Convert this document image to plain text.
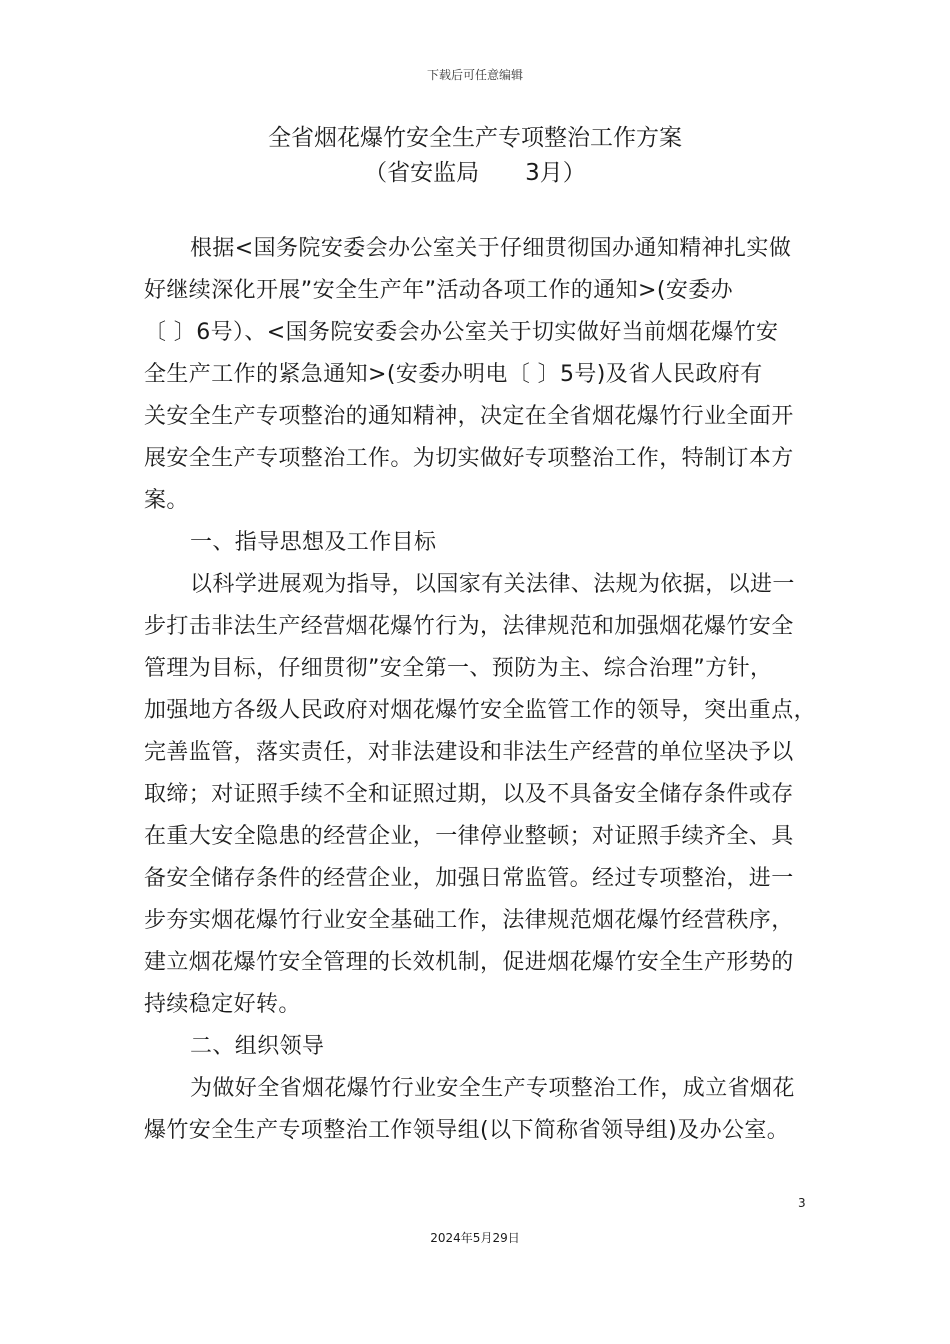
下载后可任意编辑
全省烟花爆竹安全生产专项整治工作方案
（省安监局　　3月）
根据<国务院安委会办公室关于仔细贯彻国办通知精神扎实做
好继续深化开展”安全生产年”活动各项工作的通知>(安委办
〔 〕6号）、<国务院安委会办公室关于切实做好当前烟花爆竹安
全生产工作的紧急通知>(安委办明电〔 〕5号)及省人民政府有
关安全生产专项整治的通知精神，决定在全省烟花爆竹行业全面开
展安全生产专项整治工作。为切实做好专项整治工作，特制订本方
案。
一、指导思想及工作目标
以科学进展观为指导，以国家有关法律、法规为依据，以进一
步打击非法生产经营烟花爆竹行为，法律规范和加强烟花爆竹安全
管理为目标，仔细贯彻”安全第一、预防为主、综合治理”方针，
加强地方各级人民政府对烟花爆竹安全监管工作的领导，突出重点，
完善监管，落实责任，对非法建设和非法生产经营的单位坚决予以
取缔；对证照手续不全和证照过期，以及不具备安全储存条件或存
在重大安全隐患的经营企业，一律停业整顿；对证照手续齐全、具
备安全储存条件的经营企业，加强日常监管。经过专项整治，进一
步夯实烟花爆竹行业安全基础工作，法律规范烟花爆竹经营秩序，
建立烟花爆竹安全管理的长效机制，促进烟花爆竹安全生产形势的
持续稳定好转。
二、组织领导
为做好全省烟花爆竹行业安全生产专项整治工作，成立省烟花
爆竹安全生产专项整治工作领导组(以下简称省领导组)及办公室。
3
2024年5月29日
